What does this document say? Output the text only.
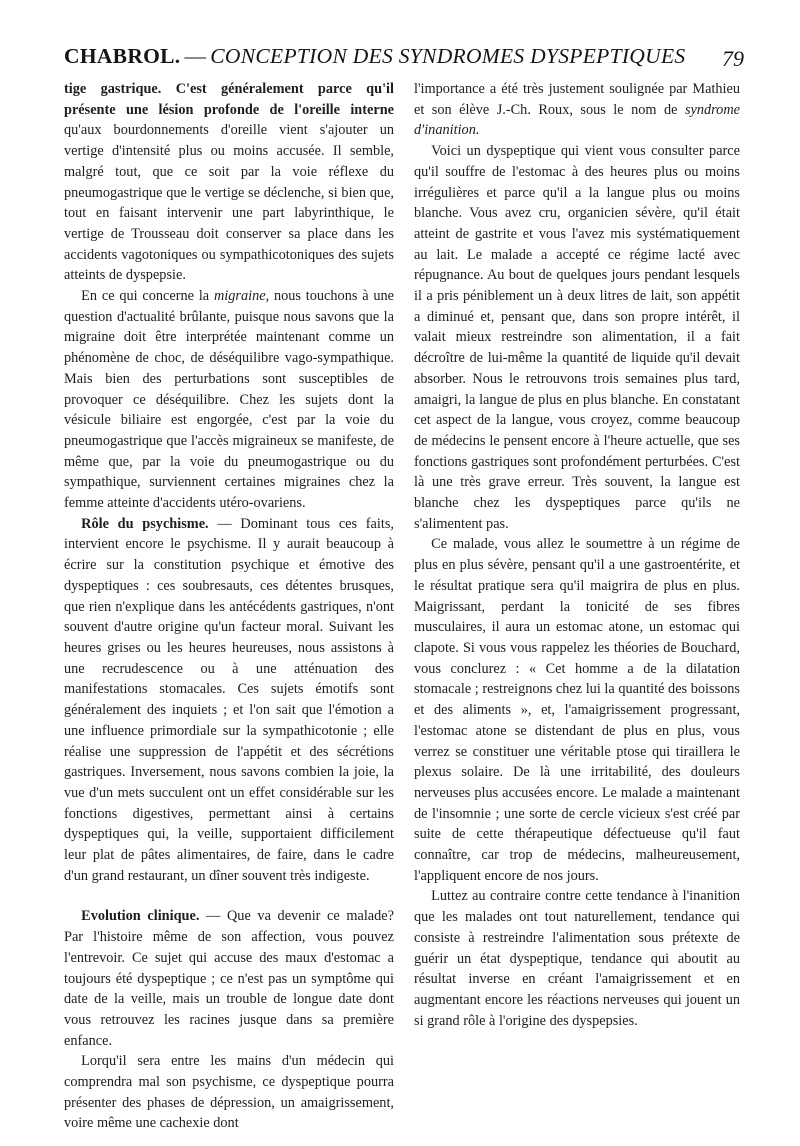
CHABROL. — CONCEPTION DES SYNDROMES DYSPEPTIQUES 79

tige gastrique. C'est généralement parce qu'il présente une lésion profonde de l'oreille interne qu'aux bourdonnements d'oreille vient s'ajouter un vertige d'intensité plus ou moins accusée. Il semble, malgré tout, que ce soit par la voie réflexe du pneumogastrique que le vertige se déclenche, si bien que, tout en faisant intervenir une part labyrinthique, le vertige de Trousseau doit conserver sa place dans les accidents vagotoniques ou sympathicotoniques des sujets atteints de dyspepsie.

En ce qui concerne la migraine, nous touchons à une question d'actualité brûlante, puisque nous savons que la migraine doit être interprétée maintenant comme un phénomène de choc, de déséquilibre vago-sympathique. Mais bien des perturbations sont susceptibles de provoquer ce déséquilibre. Chez les sujets dont la vésicule biliaire est engorgée, c'est par la voie du pneumogastrique que l'accès migraineux se manifeste, de même que, par la voie du pneumogastrique ou du sympathique, surviennent certaines migraines chez la femme atteinte d'accidents utéro-ovariens.

Rôle du psychisme. — Dominant tous ces faits, intervient encore le psychisme. Il y aurait beaucoup à écrire sur la constitution psychique et émotive des dyspeptiques : ces soubresauts, ces détentes brusques, que rien n'explique dans les antécédents gastriques, n'ont souvent d'autre origine qu'un facteur moral. Suivant les heures grises ou les heures heureuses, nous assistons à une recrudescence ou à une atténuation des manifestations stomacales. Ces sujets émotifs sont généralement des inquiets ; et l'on sait que l'émotion a une influence primordiale sur la sympathicotonie ; elle réalise une suppression de l'appétit et des sécrétions gastriques. Inversement, nous savons combien la joie, la vue d'un mets succulent ont un effet considérable sur les fonctions digestives, permettant ainsi à certains dyspeptiques qui, la veille, supportaient difficilement leur plat de pâtes alimentaires, de faire, dans le cadre d'un grand restaurant, un dîner souvent très indigeste.

Evolution clinique. — Que va devenir ce malade? Par l'histoire même de son affection, vous pouvez l'entrevoir. Ce sujet qui accuse des maux d'estomac a toujours été dyspeptique ; ce n'est pas un symptôme qui date de la veille, mais un trouble de longue date dont vous retrouvez les racines jusque dans sa première enfance.

Lorqu'il sera entre les mains d'un médecin qui comprendra mal son psychisme, ce dyspeptique pourra présenter des phases de dépression, un amaigrissement, voire même une cachexie dont

l'importance a été très justement soulignée par Mathieu et son élève J.-Ch. Roux, sous le nom de syndrome d'inanition.

Voici un dyspeptique qui vient vous consulter parce qu'il souffre de l'estomac à des heures plus ou moins irrégulières et parce qu'il a la langue plus ou moins blanche. Vous avez cru, organicien sévère, qu'il était atteint de gastrite et vous l'avez mis systématiquement au lait. Le malade a accepté ce régime lacté avec répugnance. Au bout de quelques jours pendant lesquels il a pris péniblement un à deux litres de lait, son appétit a diminué et, pensant que, dans son propre intérêt, il valait mieux restreindre son alimentation, il a fait décroître de lui-même la quantité de liquide qu'il devait absorber. Nous le retrouvons trois semaines plus tard, amaigri, la langue de plus en plus blanche. En constatant cet aspect de la langue, vous croyez, comme beaucoup de médecins le pensent encore à l'heure actuelle, que ses fonctions gastriques sont profondément perturbées. C'est là une très grave erreur. Très souvent, la langue est blanche chez les dyspeptiques parce qu'ils ne s'alimentent pas.

Ce malade, vous allez le soumettre à un régime de plus en plus sévère, pensant qu'il a une gastroentérite, et le résultat pratique sera qu'il maigrira de plus en plus. Maigrissant, perdant la tonicité de ses fibres musculaires, il aura un estomac atone, un estomac qui clapote. Si vous vous rappelez les théories de Bouchard, vous conclurez : « Cet homme a de la dilatation stomacale ; restreignons chez lui la quantité des boissons et des aliments », et, l'amaigrissement progressant, l'estomac atone se distendant de plus en plus, vous verrez se constituer une véritable ptose qui tiraillera le plexus solaire. De là une irritabilité, des douleurs nerveuses plus accusées encore. Le malade a maintenant de l'insomnie ; une sorte de cercle vicieux s'est créé par suite de cette thérapeutique défectueuse qu'il faut connaître, car trop de médecins, malheureusement, l'appliquent encore de nos jours.

Luttez au contraire contre cette tendance à l'inanition que les malades ont tout naturellement, tendance qui consiste à restreindre l'alimentation sous prétexte de guérir un état dyspeptique, tendance qui aboutit au résultat inverse en créant l'amaigrissement et en augmentant encore les réactions nerveuses qui jouent un si grand rôle à l'origine des dyspepsies.
